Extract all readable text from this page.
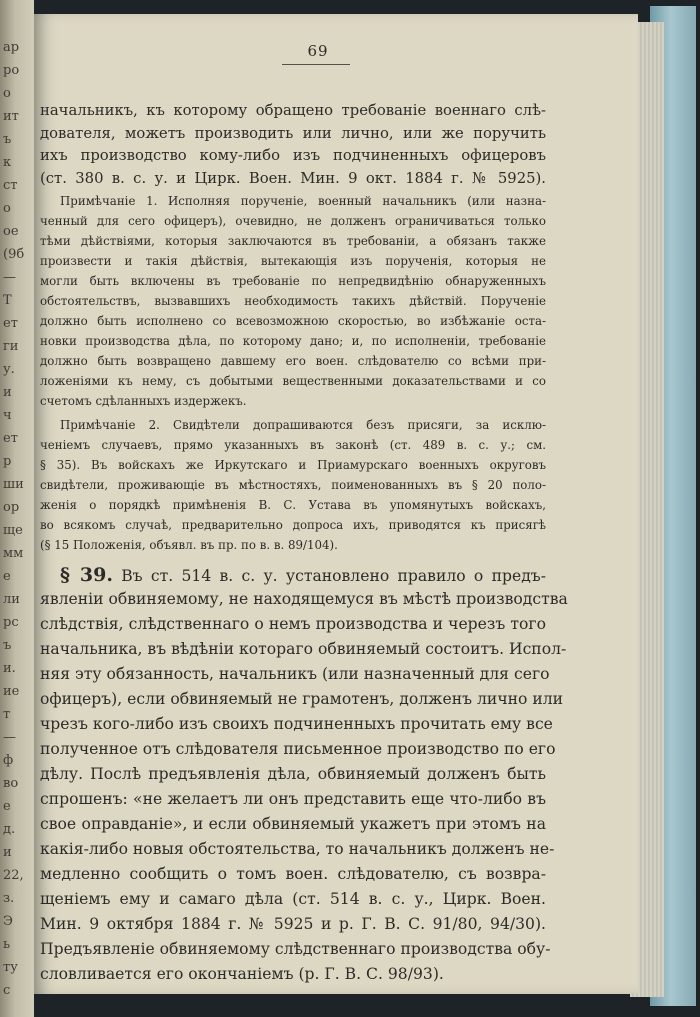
ар
ро
о
ит
ъ
к
ст
о
ое
(9б
—
Т
ет
ги
у.
и
ч
ет
р
ши
ор
ще
мм
е
ли
рс
ъ
и.
ие
т
—
ф
во
е
д.
и
22,
з.
Э
ь
ту
с
69
начальникъ, къ которому обращено требованіе военнаго слѣ-
дователя, можетъ производить или лично, или же поручить
ихъ производство кому-либо изъ подчиненныхъ офицеровъ
(ст. 380 в. с. у. и Цирк. Воен. Мин. 9 окт. 1884 г. № 5925).
Примѣчаніе 1. Исполняя порученіе, военный начальникъ (или назна-
ченный для сего офицеръ), очевидно, не долженъ ограничиваться только
тѣми дѣйствіями, которыя заключаются въ требованіи, а обязанъ также
произвести и такія дѣйствія, вытекающія изъ порученія, которыя не
могли быть включены въ требованіе по непредвидѣнію обнаруженныхъ
обстоятельствъ, вызвавшихъ необходимость такихъ дѣйствій. Порученіе
должно быть исполнено со всевозможною скоростью, во избѣжаніе оста-
новки производства дѣла, по которому дано; и, по исполненіи, требованіе
должно быть возвращено давшему его воен. слѣдователю со всѣми при-
ложеніями къ нему, съ добытыми вещественными доказательствами и со
счетомъ сдѣланныхъ издержекъ.
Примѣчаніе 2. Свидѣтели допрашиваются безъ присяги, за исклю-
ченіемъ случаевъ, прямо указанныхъ въ законѣ (ст. 489 в. с. у.; см.
§ 35). Въ войскахъ же Иркутскаго и Приамурскаго военныхъ округовъ
свидѣтели, проживающіе въ мѣстностяхъ, поименованныхъ въ § 20 поло-
женія о порядкѣ примѣненія В. С. Устава въ упомянутыхъ войскахъ,
во всякомъ случаѣ, предварительно допроса ихъ, приводятся къ присягѣ
(§ 15 Положенія, объявл. въ пр. по в. в. 89/104).
§ 39. Въ ст. 514 в. с. у. установлено правило о предъ-
явленіи обвиняемому, не находящемуся въ мѣстѣ производства
слѣдствія, слѣдственнаго о немъ производства и черезъ того
начальника, въ вѣдѣніи котораго обвиняемый состоитъ. Испол-
няя эту обязанность, начальникъ (или назначенный для сего
офицеръ), если обвиняемый не грамотенъ, долженъ лично или
чрезъ кого-либо изъ своихъ подчиненныхъ прочитать ему все
полученное отъ слѣдователя письменное производство по его
дѣлу. Послѣ предъявленія дѣла, обвиняемый долженъ быть
спрошенъ: «не желаетъ ли онъ представить еще что-либо въ
свое оправданіе», и если обвиняемый укажетъ при этомъ на
какія-либо новыя обстоятельства, то начальникъ долженъ не-
медленно сообщить о томъ воен. слѣдователю, съ возвра-
щеніемъ ему и самаго дѣла (ст. 514 в. с. у., Цирк. Воен.
Мин. 9 октября 1884 г. № 5925 и р. Г. В. С. 91/80, 94/30).
Предъявленіе обвиняемому слѣдственнаго производства обу-
словливается его окончаніемъ (р. Г. В. С. 98/93).
